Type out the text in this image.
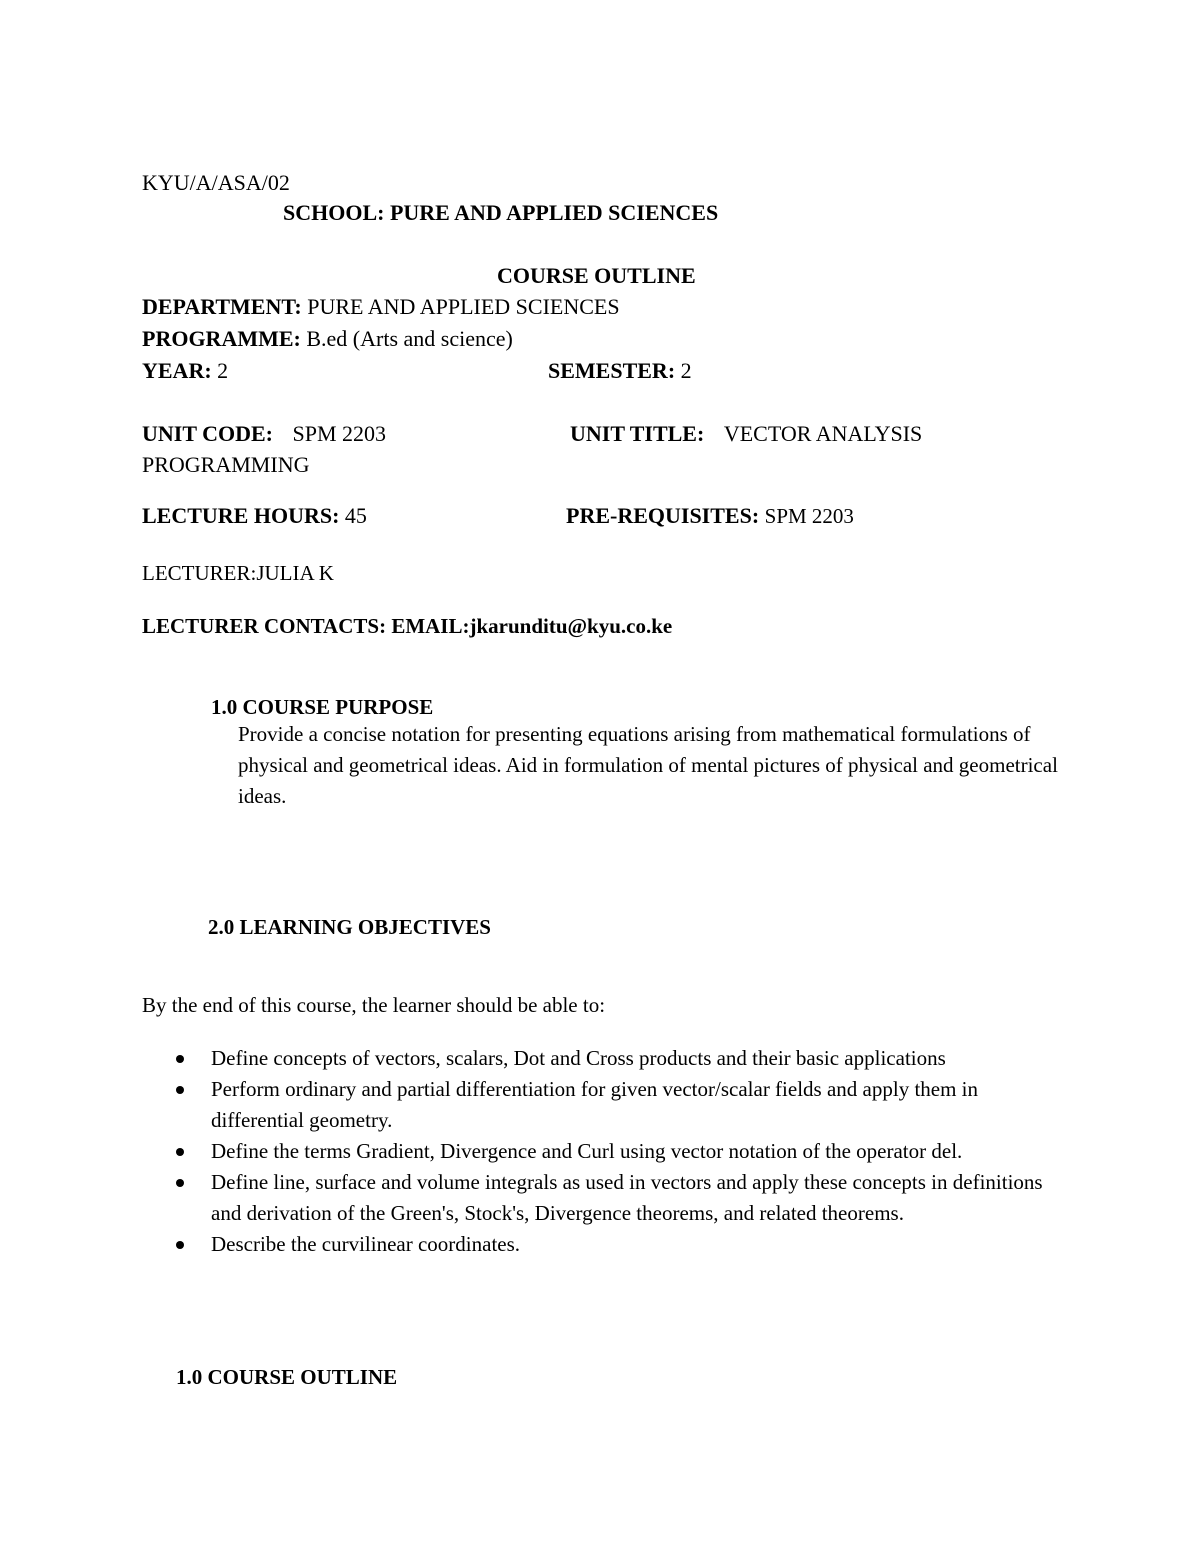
KYU/A/ASA/02
SCHOOL: PURE AND APPLIED SCIENCES
COURSE OUTLINE
DEPARTMENT: PURE AND APPLIED SCIENCES
PROGRAMME: B.ed (Arts and science)
YEAR: 2	SEMESTER: 2
UNIT CODE: SPM 2203	UNIT TITLE: VECTOR ANALYSIS
PROGRAMMING
LECTURE HOURS: 45	PRE-REQUISITES: SPM 2203
LECTURER:JULIA K
LECTURER CONTACTS: EMAIL:jkarunditu@kyu.co.ke
1.0 COURSE PURPOSE
Provide a concise notation for presenting equations arising from mathematical formulations of physical and geometrical ideas. Aid in formulation of mental pictures of physical and geometrical ideas.
2.0 LEARNING OBJECTIVES
By the end of this course, the learner should be able to:
Define concepts of vectors, scalars, Dot and Cross products and their basic applications
Perform ordinary and partial differentiation for given vector/scalar fields and apply them in differential geometry.
Define the terms Gradient, Divergence and Curl using vector notation of the operator del.
Define line, surface and volume integrals as used in vectors and apply these concepts in definitions and derivation of the Green's, Stock's, Divergence theorems, and related theorems.
Describe the curvilinear coordinates.
1.0 COURSE OUTLINE
